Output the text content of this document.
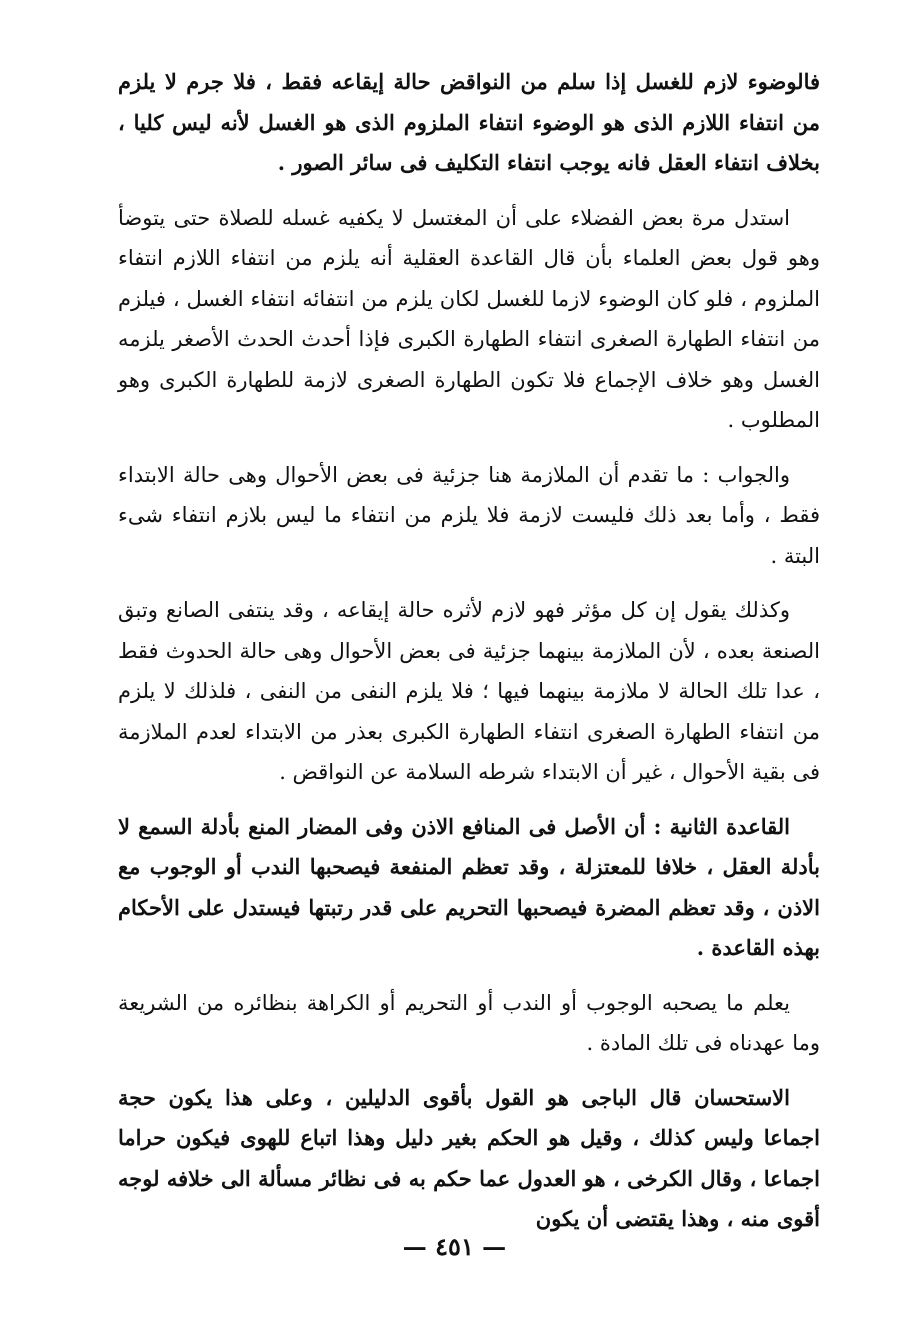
فالوضوء لازم للغسل إذا سلم من النواقض حالة إيقاعه فقط ، فلا جرم لا يلزم من انتفاء اللازم الذى هو الوضوء انتفاء الملزوم الذى هو الغسل لأنه ليس كليا ، بخلاف انتفاء العقل فانه يوجب انتفاء التكليف فى سائر الصور .

استدل مرة بعض الفضلاء على أن المغتسل لا يكفيه غسله للصلاة حتى يتوضأ وهو قول بعض العلماء بأن قال القاعدة العقلية أنه يلزم من انتفاء اللازم انتفاء الملزوم ، فلو كان الوضوء لازما للغسل لكان يلزم من انتفائه انتفاء الغسل ، فيلزم من انتفاء الطهارة الصغرى انتفاء الطهارة الكبرى فإذا أحدث الحدث الأصغر يلزمه الغسل وهو خلاف الإجماع فلا تكون الطهارة الصغرى لازمة للطهارة الكبرى وهو المطلوب .

والجواب : ما تقدم أن الملازمة هنا جزئية فى بعض الأحوال وهى حالة الابتداء فقط ، وأما بعد ذلك فليست لازمة فلا يلزم من انتفاء ما ليس بلازم انتفاء شىء البتة .

وكذلك يقول إن كل مؤثر فهو لازم لأثره حالة إيقاعه ، وقد ينتفى الصانع وتبق الصنعة بعده ، لأن الملازمة بينهما جزئية فى بعض الأحوال وهى حالة الحدوث فقط ، عدا تلك الحالة لا ملازمة بينهما فيها ؛ فلا يلزم النفى من النفى ، فلذلك لا يلزم من انتفاء الطهارة الصغرى انتفاء الطهارة الكبرى بعذر من الابتداء لعدم الملازمة فى بقية الأحوال ، غير أن الابتداء شرطه السلامة عن النواقض .

القاعدة الثانية : أن الأصل فى المنافع الاذن وفى المضار المنع بأدلة السمع لا بأدلة العقل ، خلافا للمعتزلة ، وقد تعظم المنفعة فيصحبها الندب أو الوجوب مع الاذن ، وقد تعظم المضرة فيصحبها التحريم على قدر رتبتها فيستدل على الأحكام بهذه القاعدة .

يعلم ما يصحبه الوجوب أو الندب أو التحريم أو الكراهة بنظائره من الشريعة وما عهدناه فى تلك المادة .

الاستحسان قال الباجى هو القول بأقوى الدليلين ، وعلى هذا يكون حجة اجماعا وليس كذلك ، وقيل هو الحكم بغير دليل وهذا اتباع للهوى فيكون حراما اجماعا ، وقال الكرخى ، هو العدول عما حكم به فى نظائر مسألة الى خلافه لوجه أقوى منه ، وهذا يقتضى أن يكون

— ٤٥١ —
